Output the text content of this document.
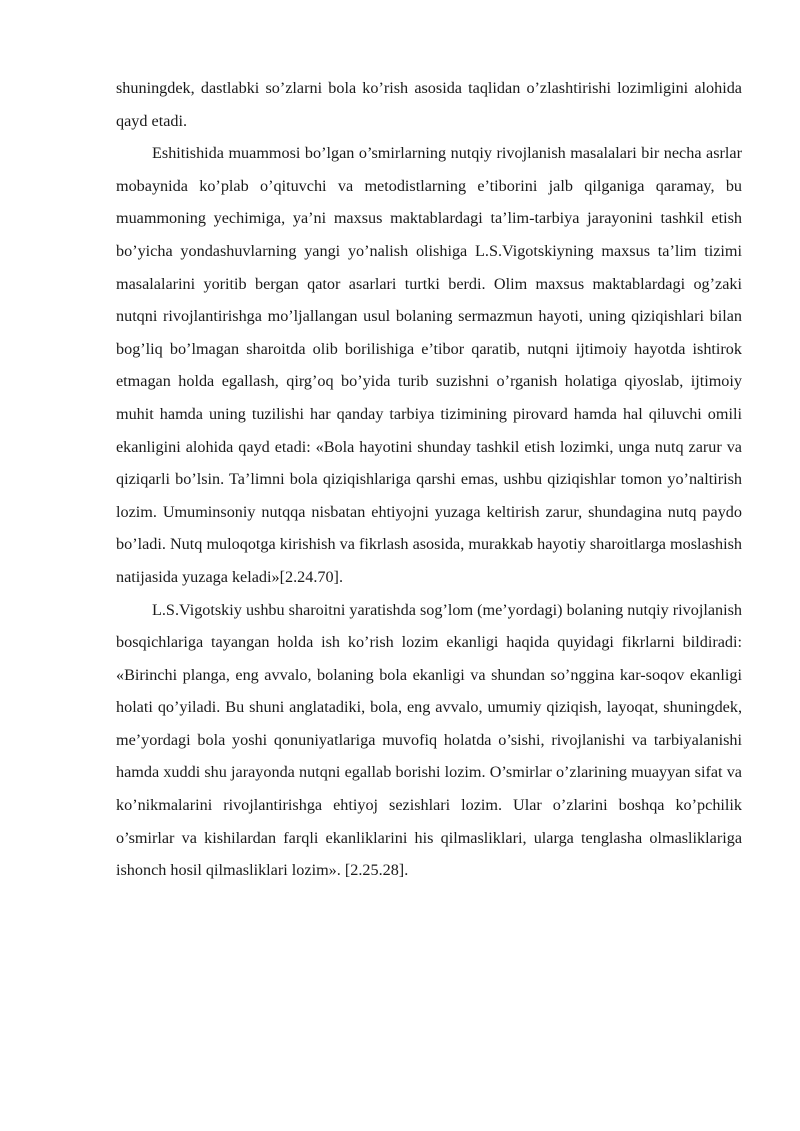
shuningdek, dastlabki so’zlarni bola ko’rish asosida taqlidan o’zlashtirishi lozimligini alohida qayd etadi.

Eshitishida muammosi bo’lgan o’smirlarning nutqiy rivojlanish masalalari bir necha asrlar mobaynida ko’plab o’qituvchi va metodistlarning e’tiborini jalb qilganiga qaramay, bu muammoning yechimiga, ya’ni maxsus maktablardagi ta’lim-tarbiya jarayonini tashkil etish bo’yicha yondashuvlarning yangi yo’nalish olishiga L.S.Vigotskiyning maxsus ta’lim tizimi masalalarini yoritib bergan qator asarlari turtki berdi. Olim maxsus maktablardagi og’zaki nutqni rivojlantirishga mo’ljallangan usul bolaning sermazmun hayoti, uning qiziqishlari bilan bog’liq bo’lmagan sharoitda olib borilishiga e’tibor qaratib, nutqni ijtimoiy hayotda ishtirok etmagan holda egallash, qirg’oq bo’yida turib suzishni o’rganish holatiga qiyoslab, ijtimoiy muhit hamda uning tuzilishi har qanday tarbiya tizimining pirovard hamda hal qiluvchi omili ekanligini alohida qayd etadi: «Bola hayotini shunday tashkil etish lozimki, unga nutq zarur va qiziqarli bo’lsin. Ta’limni bola qiziqishlariga qarshi emas, ushbu qiziqishlar tomon yo’naltirish lozim. Umuminsoniy nutqqa nisbatan ehtiyojni yuzaga keltirish zarur, shundagina nutq paydo bo’ladi. Nutq muloqotga kirishish va fikrlash asosida, murakkab hayotiy sharoitlarga moslashish natijasida yuzaga keladi»[2.24.70].

L.S.Vigotskiy ushbu sharoitni yaratishda sog’lom (me’yordagi) bolaning nutqiy rivojlanish bosqichlariga tayangan holda ish ko’rish lozim ekanligi haqida quyidagi fikrlarni bildiradi: «Birinchi planga, eng avvalo, bolaning bola ekanligi va shundan so’nggina kar-soqov ekanligi holati qo’yiladi. Bu shuni anglatadiki, bola, eng avvalo, umumiy qiziqish, layoqat, shuningdek, me’yordagi bola yoshi qonuniyatlariga muvofiq holatda o’sishi, rivojlanishi va tarbiyalanishi hamda xuddi shu jarayonda nutqni egallab borishi lozim. O’smirlar o’zlarining muayyan sifat va ko’nikmalarini rivojlantirishga ehtiyoj sezishlari lozim. Ular o’zlarini boshqa ko’pchilik o’smirlar va kishilardan farqli ekanliklarini his qilmasliklari, ularga tenglasha olmasliklariga ishonch hosil qilmasliklari lozim». [2.25.28].
